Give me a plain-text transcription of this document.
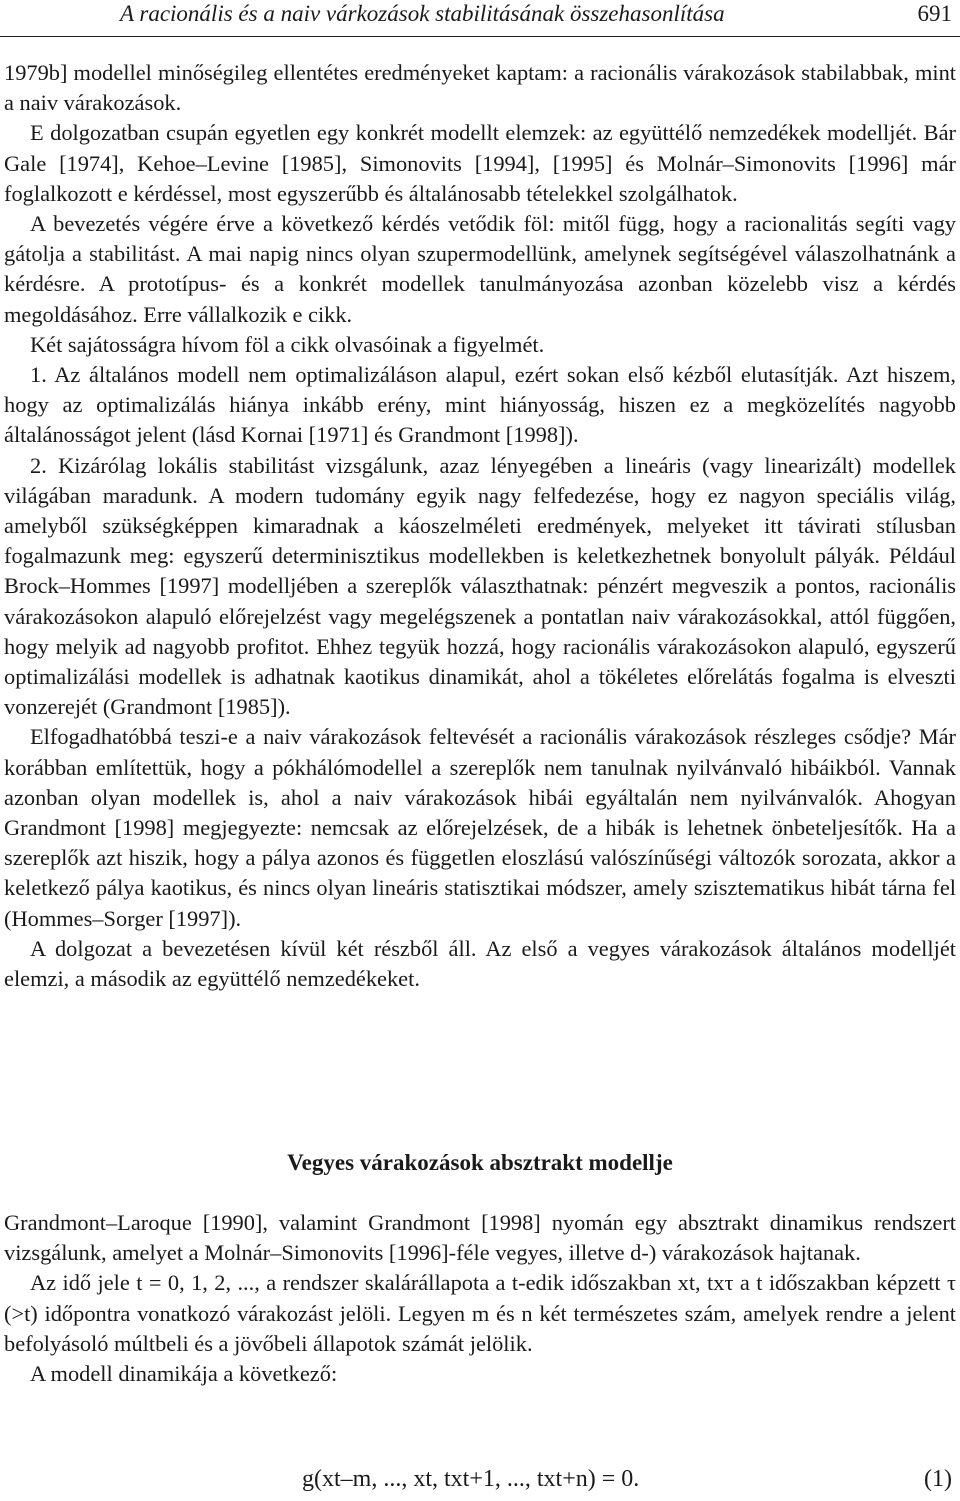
A racionális és a naiv várkozások stabilitásának összehasonlítása	691

1979b] modellel minőségileg ellentétes eredményeket kaptam: a racionális várakozások stabilabbak, mint a naiv várakozások.

E dolgozatban csupán egyetlen egy konkrét modellt elemzek: az együttélő nemzedékek modelljét. Bár Gale [1974], Kehoe–Levine [1985], Simonovits [1994], [1995] és Molnár–Simonovits [1996] már foglalkozott e kérdéssel, most egyszerűbb és általánosabb tételekkel szolgálhatok.

A bevezetés végére érve a következő kérdés vetődik föl: mitől függ, hogy a racionalitás segíti vagy gátolja a stabilitást. A mai napig nincs olyan szupermodellünk, amelynek segítségével válaszolhatnánk a kérdésre. A prototípus- és a konkrét modellek tanulmányozása azonban közelebb visz a kérdés megoldásához. Erre vállalkozik e cikk.

Két sajátosságra hívom föl a cikk olvasóinak a figyelmét.

1. Az általános modell nem optimalizáláson alapul, ezért sokan első kézből elutasítják. Azt hiszem, hogy az optimalizálás hiánya inkább erény, mint hiányosság, hiszen ez a megközelítés nagyobb általánosságot jelent (lásd Kornai [1971] és Grandmont [1998]).

2. Kizárólag lokális stabilitást vizsgálunk, azaz lényegében a lineáris (vagy linearizált) modellek világában maradunk. A modern tudomány egyik nagy felfedezése, hogy ez nagyon speciális világ, amelyből szükségképpen kimaradnak a káoszelméleti eredmények, melyeket itt távirati stílusban fogalmazunk meg: egyszerű determinisztikus modellekben is keletkezhetnek bonyolult pályák. Például Brock–Hommes [1997] modelljében a szereplők választhatnak: pénzért megveszik a pontos, racionális várakozásokon alapuló előrejelzést vagy megelégszenek a pontatlan naiv várakozásokkal, attól függően, hogy melyik ad nagyobb profitot. Ehhez tegyük hozzá, hogy racionális várakozásokon alapuló, egyszerű optimalizálási modellek is adhatnak kaotikus dinamikát, ahol a tökéletes előrelátás fogalma is elveszti vonzerejét (Grandmont [1985]).

Elfogadhatóbbá teszi-e a naiv várakozások feltevését a racionális várakozások részleges csődje? Már korábban említettük, hogy a pókhálómodellel a szereplők nem tanulnak nyilvánvaló hibáikból. Vannak azonban olyan modellek is, ahol a naiv várakozások hibái egyáltalán nem nyilvánvalók. Ahogyan Grandmont [1998] megjegyezte: nemcsak az előrejelzések, de a hibák is lehetnek önbeteljesítők. Ha a szereplők azt hiszik, hogy a pálya azonos és független eloszlású valószínűségi változók sorozata, akkor a keletkező pálya kaotikus, és nincs olyan lineáris statisztikai módszer, amely szisztematikus hibát tárna fel (Hommes–Sorger [1997]).

A dolgozat a bevezetésen kívül két részből áll. Az első a vegyes várakozások általános modelljét elemzi, a második az együttélő nemzedékeket.

Vegyes várakozások absztrakt modellje

Grandmont–Laroque [1990], valamint Grandmont [1998] nyomán egy absztrakt dinamikus rendszert vizsgálunk, amelyet a Molnár–Simonovits [1996]-féle vegyes, illetve d-) várakozások hajtanak.

Az idő jele t = 0, 1, 2, ..., a rendszer skalárállapota a t-edik időszakban xt, txτ a t időszakban képzett τ (>t) időpontra vonatkozó várakozást jelöli. Legyen m és n két természetes szám, amelyek rendre a jelent befolyásoló múltbeli és a jövőbeli állapotok számát jelölik.

A modell dinamikája a következő:

g(xt–m, ..., xt, txt+1, ..., txt+n) = 0.	(1)
